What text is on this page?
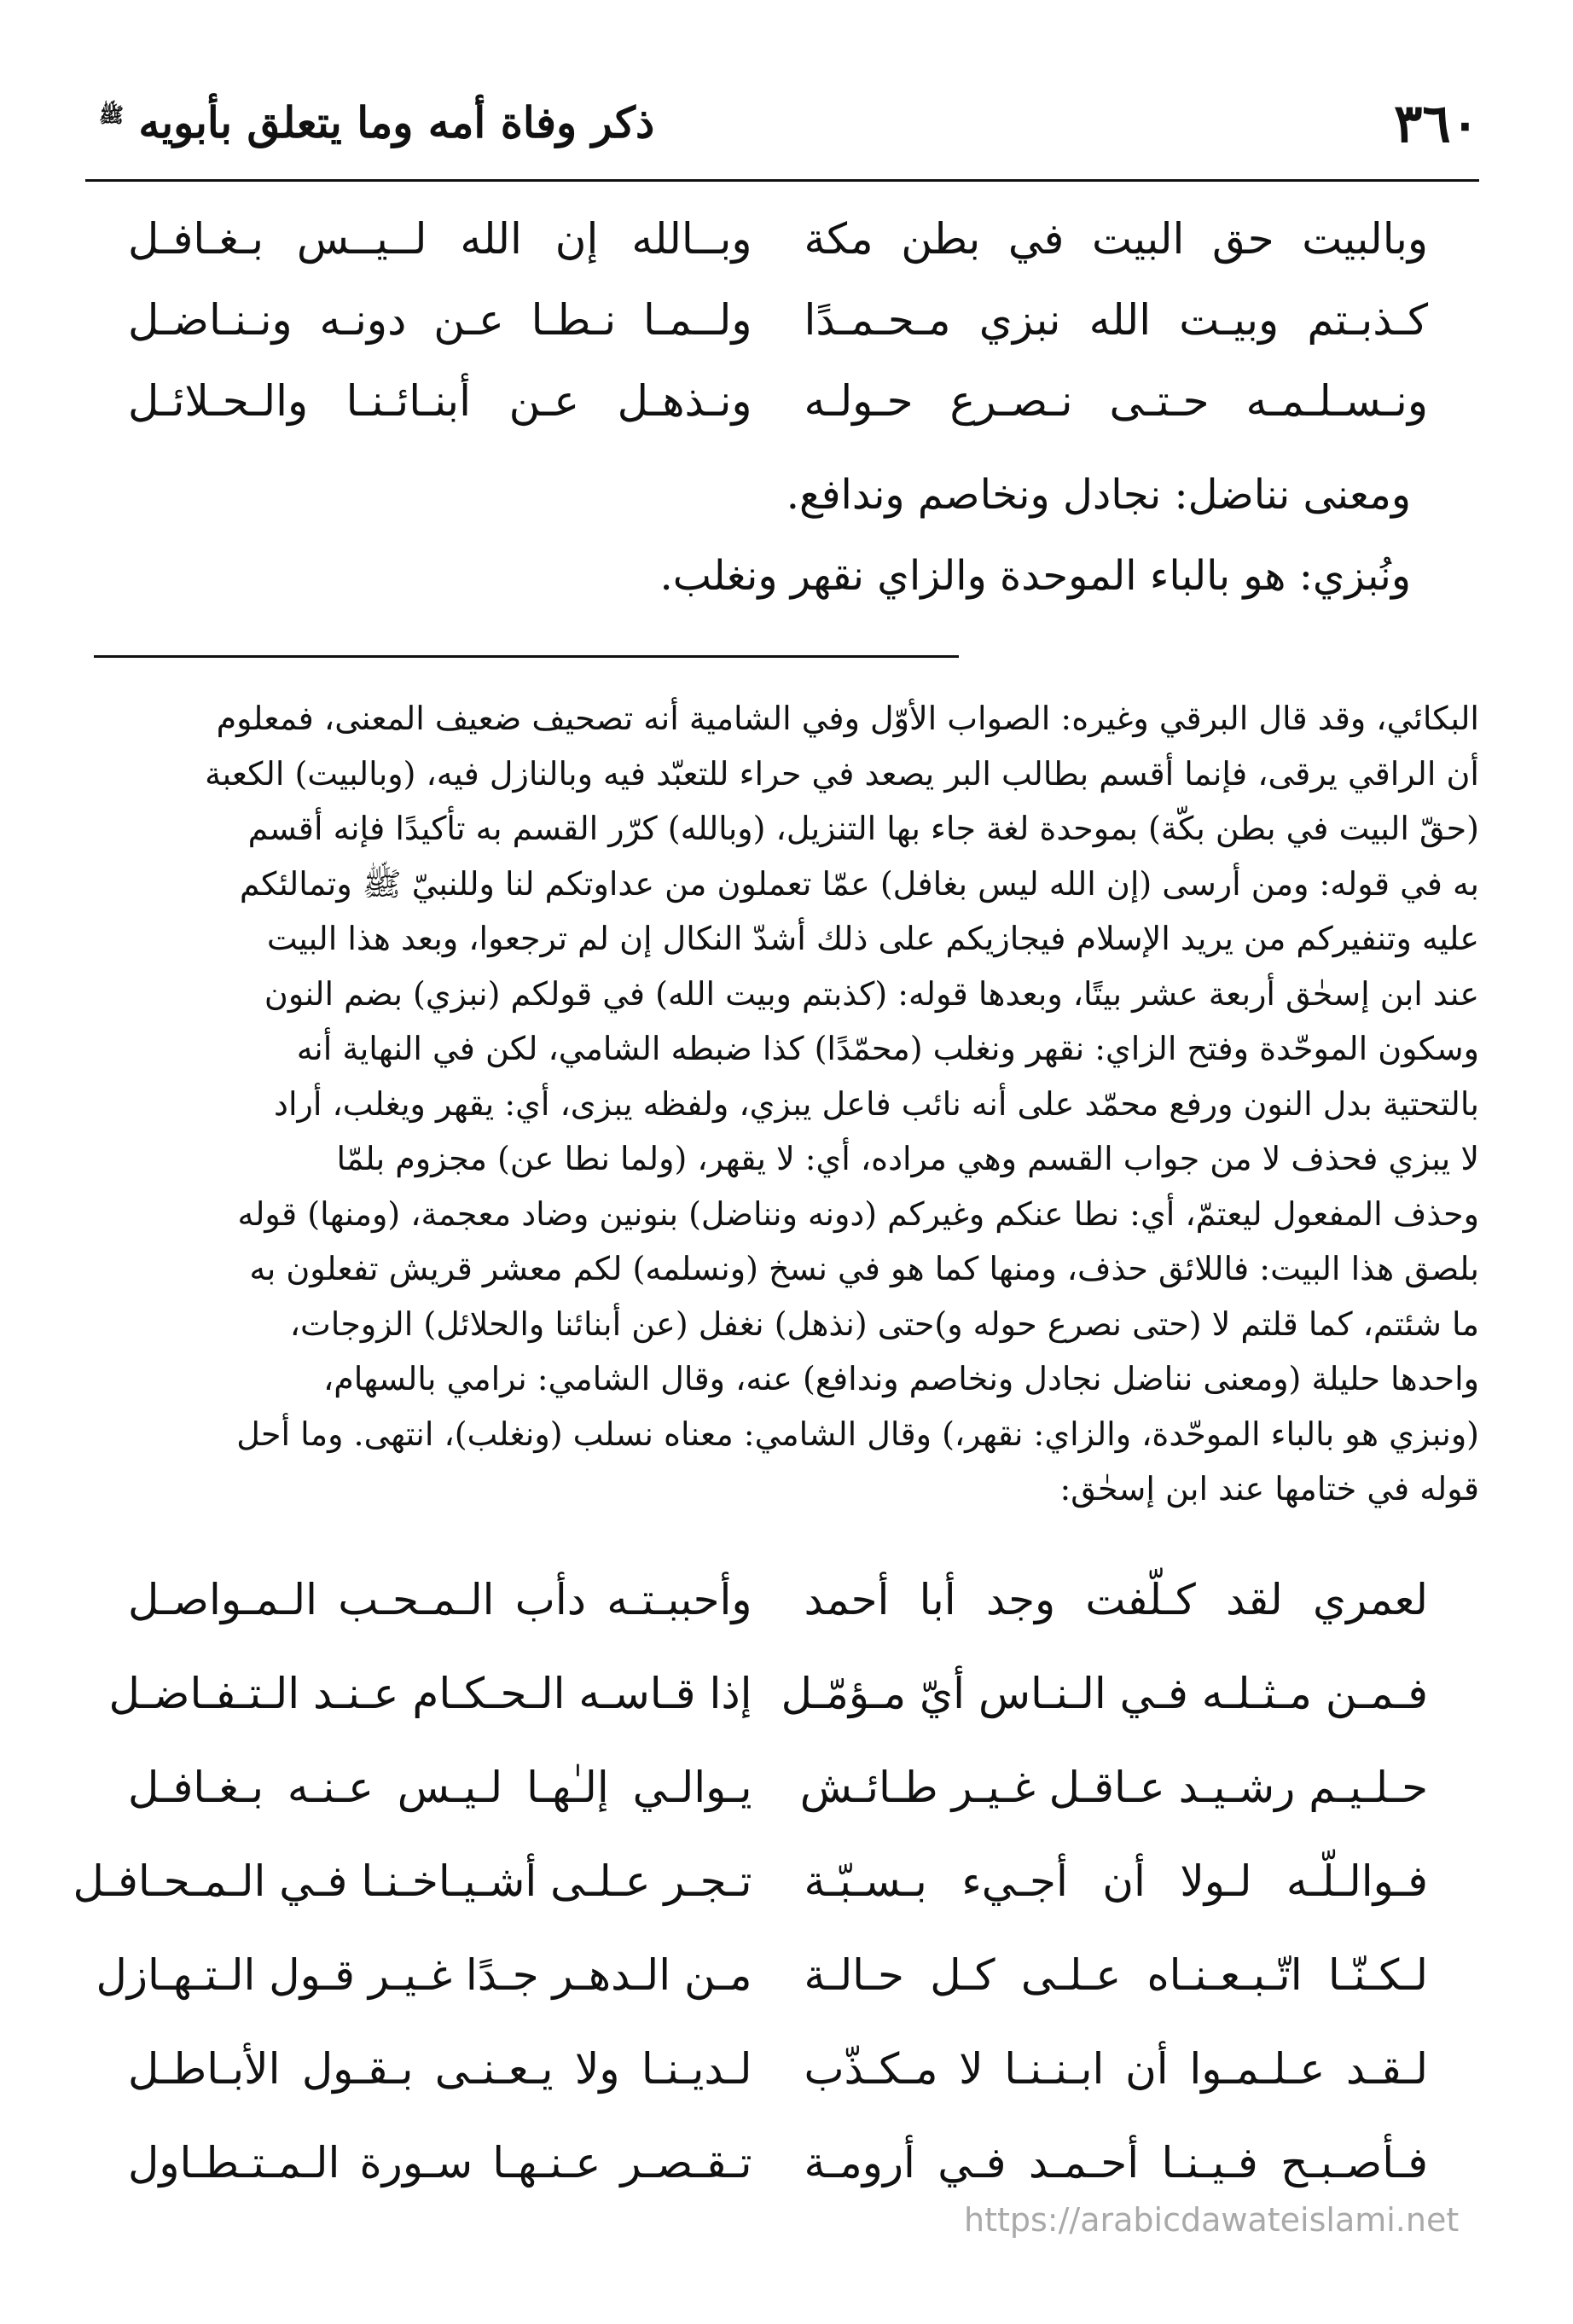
٣٦٠
ذكر وفاة أمه وما يتعلق بأبويه ﷺ
وبالبيت حق البيت في بطن مكة
وبــالله إن الله لــيــس بـغـافـل
كـذبـتم وبيـت الله نبزي مـحـمـدًا
ولــمـا نـطـا عـن دونـه ونـنـاضـل
ونـسـلـمـه حـتـى نـصـرع حـولـه
ونـذهـل عـن أبنـائـنـا والـحـلائـل
ومعنى نناضل: نجادل ونخاصم وندافع.
ونُبزي: هو بالباء الموحدة والزاي نقهر ونغلب.
البكائي، وقد قال البرقي وغيره: الصواب الأوّل وفي الشامية أنه تصحيف ضعيف المعنى، فمعلوم
أن الراقي يرقى، فإنما أقسم بطالب البر يصعد في حراء للتعبّد فيه وبالنازل فيه، (وبالبيت) الكعبة
(حقّ البيت في بطن بكّة) بموحدة لغة جاء بها التنزيل، (وبالله) كرّر القسم به تأكيدًا فإنه أقسم
به في قوله: ومن أرسى (إن الله ليس بغافل) عمّا تعملون من عداوتكم لنا وللنبيّ ﷺ وتمالئكم
عليه وتنفيركم من يريد الإسلام فيجازيكم على ذلك أشدّ النكال إن لم ترجعوا، وبعد هذا البيت
عند ابن إسحٰق أربعة عشر بيتًا، وبعدها قوله: (كذبتم وبيت الله) في قولكم (نبزي) بضم النون
وسكون الموحّدة وفتح الزاي: نقهر ونغلب (محمّدًا) كذا ضبطه الشامي، لكن في النهاية أنه
بالتحتية بدل النون ورفع محمّد على أنه نائب فاعل يبزي، ولفظه يبزى، أي: يقهر ويغلب، أراد
لا يبزي فحذف لا من جواب القسم وهي مراده، أي: لا يقهر، (ولما نطا عن) مجزوم بلمّا
وحذف المفعول ليعتمّ، أي: نطا عنكم وغيركم (دونه ونناضل) بنونين وضاد معجمة، (ومنها) قوله
بلصق هذا البيت: فاللائق حذف، ومنها كما هو في نسخ (ونسلمه) لكم معشر قريش تفعلون به
ما شئتم، كما قلتم لا (حتى نصرع حوله و)حتى (نذهل) نغفل (عن أبنائنا والحلائل) الزوجات،
واحدها حليلة (ومعنى نناضل نجادل ونخاصم وندافع) عنه، وقال الشامي: نرامي بالسهام،
(ونبزي هو بالباء الموحّدة، والزاي: نقهر،) وقال الشامي: معناه نسلب (ونغلب)، انتهى. وما أحل
قوله في ختامها عند ابن إسحٰق:
لعمري لقد كـلّفت وجد أبا أحمد
وأحببـتـه دأب الـمـحـب الـمـواصـل
فـمـن مـثـلـه فـي الـنـاس أيّ مـؤمّـل
إذا قـاسـه الـحـكـام عـنـد الـتـفـاضـل
حـلـيـم رشـيـد عـاقـل غـيـر طـائـش
يـوالـي إلـٰهـا لـيـس عـنـه بـغـافـل
فـوالـلّـه لـولا أن أجـيء بـسـبّـة
تـجـر عـلـى أشـيـاخـنـا فـي الـمـحـافـل
لـكـنّـا اتّـبـعـنـاه عـلـى كـل حـالـة
مـن الـدهـر جـدًا غـيـر قـول الـتـهـازل
لـقـد عـلـمـوا أن ابـنـنـا لا مـكـذّب
لـديـنـا ولا يـعـنـى بـقـول الأبـاطـل
فـأصـبـح فـيـنـا أحـمـد فـي أرومـة
تـقـصـر عـنـهـا سـورة الـمـتـطـاول
https://arabicdawateislami.net
